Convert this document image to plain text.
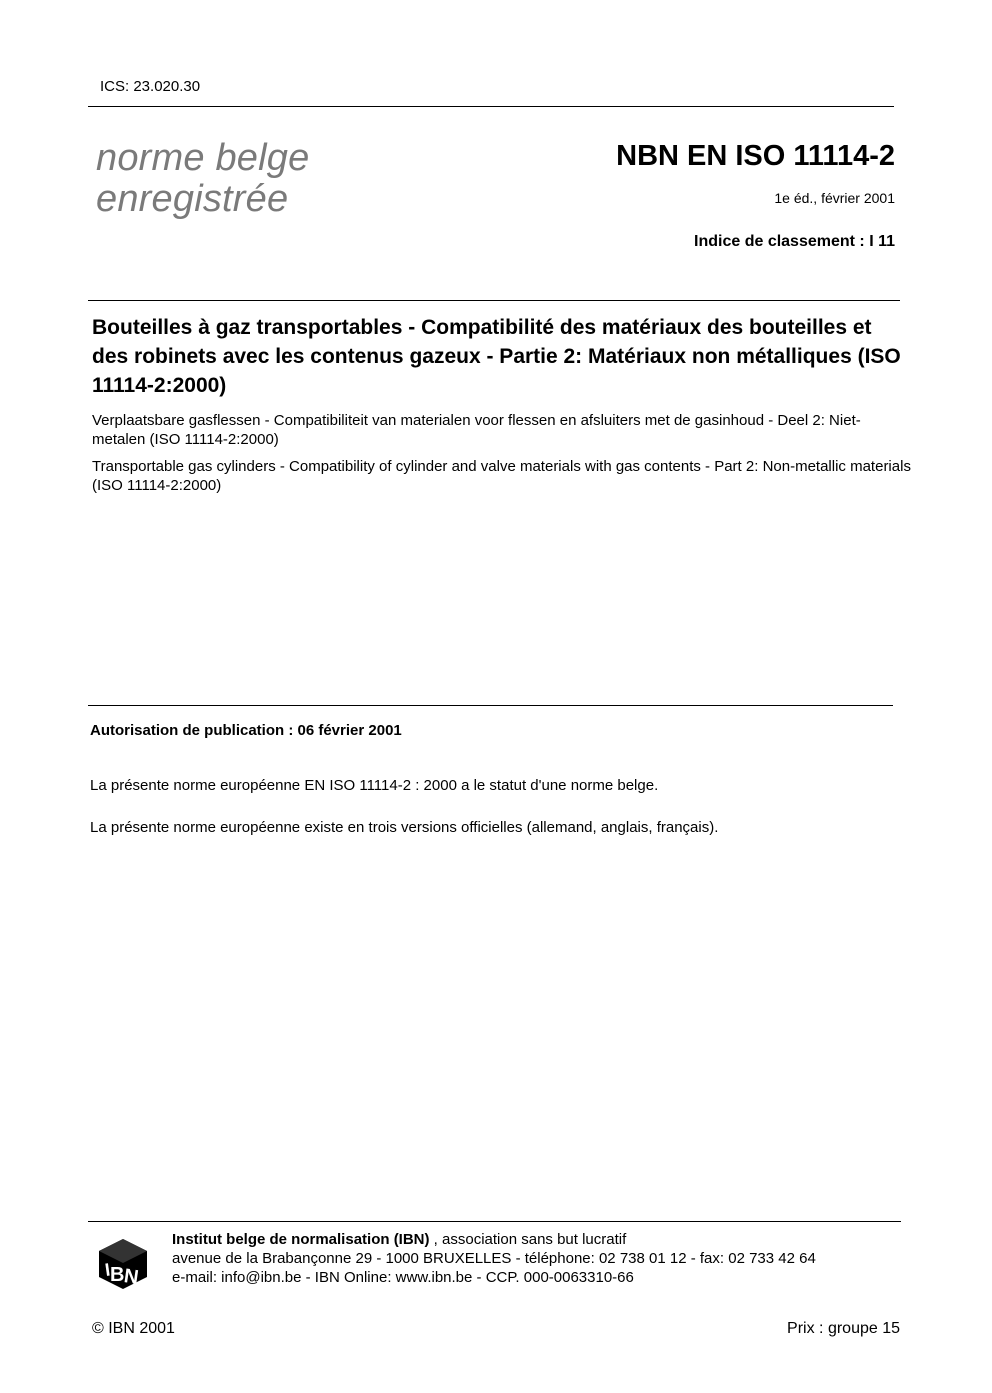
ICS: 23.020.30
norme belge
enregistrée
NBN EN ISO 11114-2
1e éd., février 2001
Indice de classement : I 11
Bouteilles à gaz transportables - Compatibilité des matériaux des bouteilles et des robinets avec les contenus gazeux - Partie 2: Matériaux non métalliques (ISO 11114-2:2000)
Verplaatsbare gasflessen - Compatibiliteit van materialen voor flessen en afsluiters met de gasinhoud - Deel 2: Niet-metalen (ISO 11114-2:2000)
Transportable gas cylinders - Compatibility of cylinder and valve materials with gas contents - Part 2: Non-metallic materials (ISO 11114-2:2000)
Autorisation de publication : 06 février 2001
La présente norme européenne EN ISO 11114-2 : 2000 a le statut d'une norme belge.
La présente norme européenne existe en trois versions officielles (allemand, anglais, français).
I
B
N
Institut belge de normalisation (IBN) , association sans but lucratif
avenue de la Brabançonne 29 - 1000 BRUXELLES - téléphone: 02 738 01 12 - fax: 02 733 42 64
e-mail: info@ibn.be - IBN Online: www.ibn.be - CCP. 000-0063310-66
© IBN 2001	Prix : groupe 15
